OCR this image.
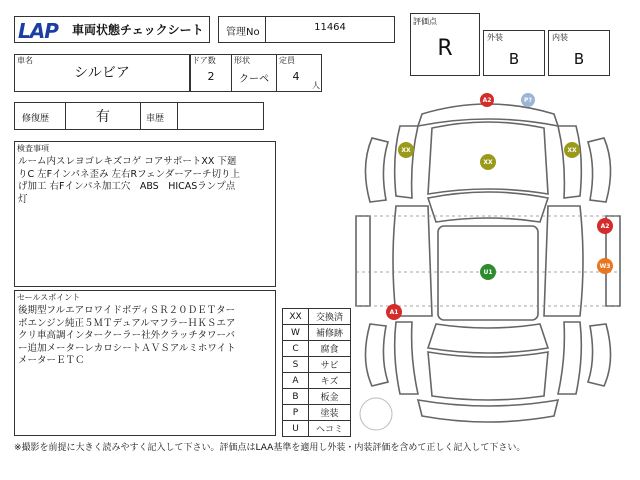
LAP 車両状態チェックシート 管理No	11464
評価点
R	外装
B
内装
B
車名
シルビア
ドア数
2
形状
クーペ
定員
4
人
修復歴	有	車歴
検査事項
ルーム内スレヨゴレキズコゲ コアサポートXX 下廻
りC 左Fインパネ歪み 左右Rフェンダーアーチ切り上
げ加工 右Fインパネ加工穴　ABS　HICASランプ点
灯
セールスポイント
後期型フルエアロワイドボディＳＲ２０ＤＥＴター
ボエンジン純正５ＭＴデュアルマフラーＨＫＳエア
クリ車高調インタークーラー社外クラッチタワーバ
ー追加メーターレカロシートＡＶＳアルミホワイト
メーターＥＴＣ
XX	交換済
W	補修跡
C	腐食
S	サビ
A	キズ
B	板金
P	塗装
U	ヘコミ
A2	P?
XX
XX
XX
U1
A2
W3
A1
※撮影を前提に大きく読みやすく記入して下さい。評価点はLAA基準を適用し外装・内装評価を含めて正しく記入して下さい。
